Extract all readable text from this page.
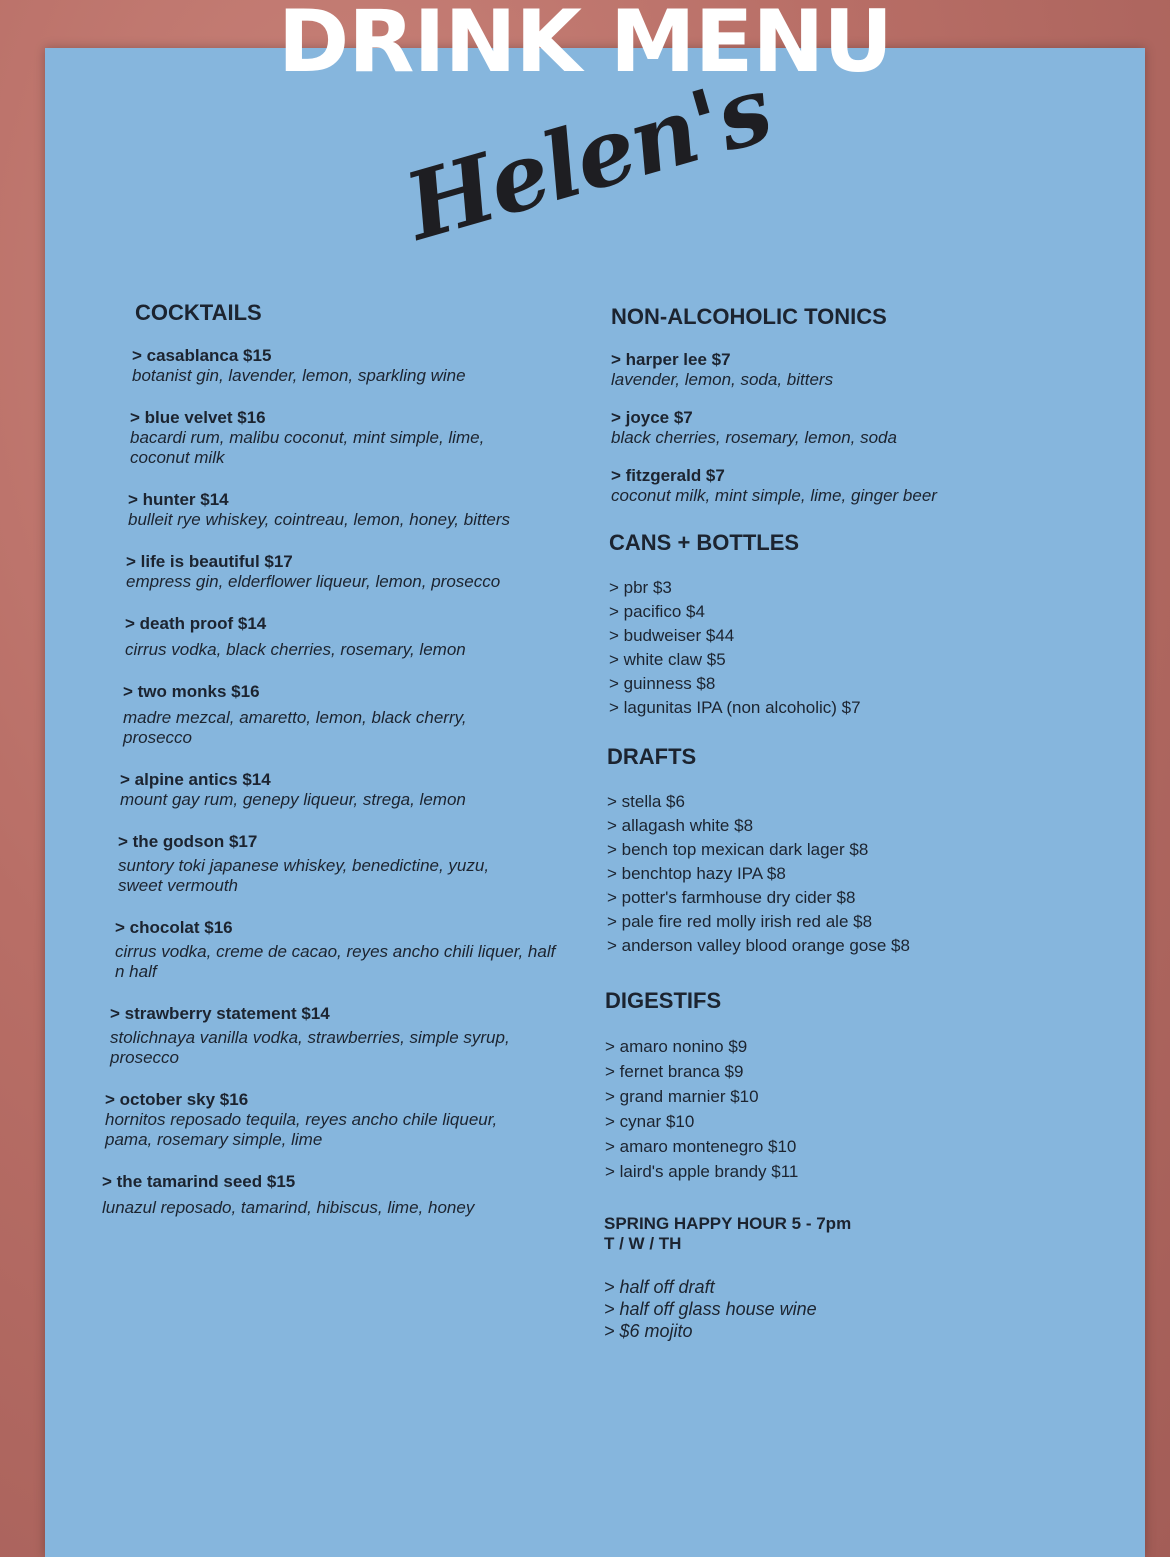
DRINK MENU
Helen's
COCKTAILS
> casablanca $15
botanist gin, lavender, lemon, sparkling wine
> blue velvet $16
bacardi rum, malibu coconut, mint simple, lime, coconut milk
> hunter $14
bulleit rye whiskey, cointreau, lemon, honey, bitters
> life is beautiful $17
empress gin, elderflower liqueur, lemon, prosecco
> death proof $14
cirrus vodka, black cherries, rosemary, lemon
> two monks $16
madre mezcal, amaretto, lemon, black cherry, prosecco
> alpine antics $14
mount gay rum, genepy liqueur, strega, lemon
> the godson $17
suntory toki japanese whiskey, benedictine, yuzu, sweet vermouth
> chocolat $16
cirrus vodka, creme de cacao, reyes ancho chili liquer, half n half
> strawberry statement $14
stolichnaya vanilla vodka, strawberries, simple syrup, prosecco
> october sky $16
hornitos reposado tequila, reyes ancho chile liqueur, pama, rosemary simple, lime
> the tamarind seed $15
lunazul reposado, tamarind, hibiscus, lime, honey
NON-ALCOHOLIC TONICS
> harper lee $7
lavender, lemon, soda, bitters
> joyce $7
black cherries, rosemary, lemon, soda
> fitzgerald $7
coconut milk, mint simple, lime, ginger beer
CANS + BOTTLES
> pbr $3
> pacifico $4
> budweiser $44
> white claw $5
> guinness $8
> lagunitas IPA (non alcoholic) $7
DRAFTS
> stella $6
> allagash white $8
> bench top mexican dark lager $8
> benchtop hazy IPA $8
> potter's farmhouse dry cider $8
> pale fire red molly irish red ale $8
> anderson valley blood orange gose $8
DIGESTIFS
> amaro nonino $9
> fernet branca $9
> grand marnier $10
> cynar $10
> amaro montenegro $10
> laird's apple brandy $11
SPRING HAPPY HOUR 5 - 7pm
T / W / TH
> half off draft
> half off glass house wine
> $6 mojito
